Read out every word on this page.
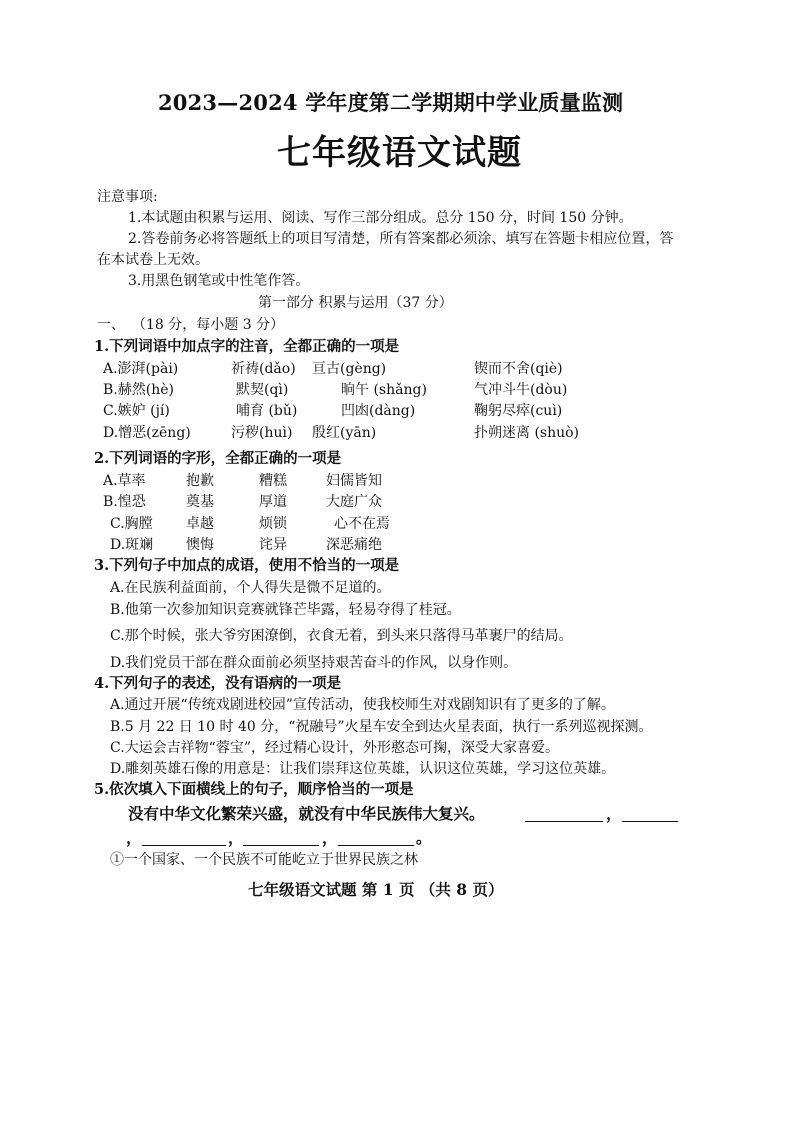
2023—2024 学年度第二学期期中学业质量监测
七年级语文试题
注意事项:
1.本试题由积累与运用、阅读、写作三部分组成。总分 150 分，时间 150 分钟。
2.答卷前务必将答题纸上的项目写清楚，所有答案都必须涂、填写在答题卡相应位置，答
在本试卷上无效。
3.用黑色钢笔或中性笔作答。
第一部分 积累与运用（37 分）
一、 （18 分，每小题 3 分）
1.下列词语中加点字的注音，全都正确的一项是
A.澎湃(pài)	祈祷(dǎo) 亘古(gèng)	锲而不舍(qiè)
B.赫然(hè)	默契(qì)	晌午 (shǎng)	气冲斗牛(dòu)
C.嫉妒 (jí)	哺育 (bǔ)	凹凼(dàng)	鞠躬尽瘁(cuì)
D.憎恶(zēng)	污秽(huì) 殷红(yān)	扑朔迷离 (shuò)
2.下列词语的字形，全都正确的一项是
A.草率	抱歉	糟糕	妇儒皆知
B.惶恐	奠基	厚道	大庭广众
C.胸膛 卓越	烦锁	心不在焉
D.斑斓 懊悔	诧异	深恶痛绝
3.下列句子中加点的成语，使用不恰当的一项是
A.在民族利益面前，个人得失是微不足道的。
B.他第一次参加知识竞赛就锋芒毕露，轻易夺得了桂冠。
C.那个时候，张大爷穷困潦倒，衣食无着，到头来只落得马革裹尸的结局。
D.我们党员干部在群众面前必须坚持艰苦奋斗的作风，以身作则。
4.下列句子的表述，没有语病的一项是
A.通过开展“传统戏剧进校园”宣传活动，使我校师生对戏剧知识有了更多的了解。
B.5 月 22 日 10 时 40 分，“祝融号”火星车安全到达火星表面，执行一系列巡视探测。
C.大运会吉祥物“蓉宝”，经过精心设计，外形憨态可掬，深受大家喜爱。
D.雕刻英雄石像的用意是：让我们崇拜这位英雄，认识这位英雄，学习这位英雄。
5.依次填入下面横线上的句子，顺序恰当的一项是
没有中华文化繁荣兴盛，就没有中华民族伟大复兴。	，
，	，	，	。
①一个国家、一个民族不可能屹立于世界民族之林
七年级语文试题 第 1 页 （共 8 页）
